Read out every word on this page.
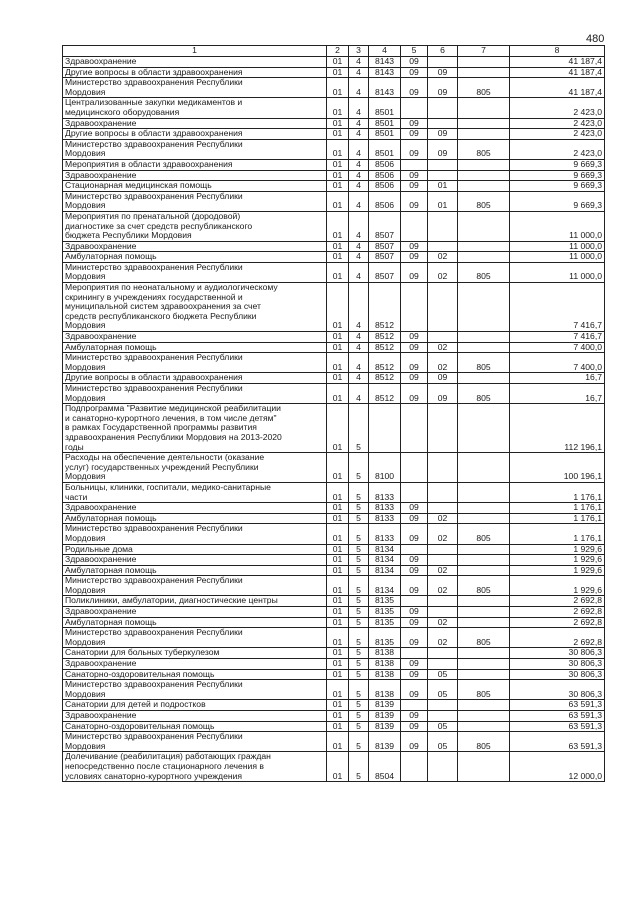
480
1	2	3	4	5	6	7	8
Здравоохранение	01	4	8143	09			41 187,4
Другие вопросы в области здравоохранения	01	4	8143	09	09		41 187,4
Министерство здравоохранения Республики
Мордовия	01	4	8143	09	09	805	41 187,4
Централизованные закупки медикаментов и
медицинского оборудования	01	4	8501				2 423,0
Здравоохранение	01	4	8501	09			2 423,0
Другие вопросы в области здравоохранения	01	4	8501	09	09		2 423,0
Министерство здравоохранения Республики
Мордовия	01	4	8501	09	09	805	2 423,0
Мероприятия в области здравоохранения	01	4	8506				9 669,3
Здравоохранение	01	4	8506	09			9 669,3
Стационарная медицинская помощь	01	4	8506	09	01		9 669,3
Министерство здравоохранения Республики
Мордовия	01	4	8506	09	01	805	9 669,3
Мероприятия по пренатальной (дородовой)
диагностике за счет средств республиканского
бюджета Республики Мордовия	01	4	8507				11 000,0
Здравоохранение	01	4	8507	09			11 000,0
Амбулаторная помощь	01	4	8507	09	02		11 000,0
Министерство здравоохранения Республики
Мордовия	01	4	8507	09	02	805	11 000,0
Мероприятия по неонатальному и аудиологическому
скринингу в учреждениях государственной и
муниципальной систем здравоохранения за счет
средств республиканского бюджета Республики
Мордовия	01	4	8512				7 416,7
Здравоохранение	01	4	8512	09			7 416,7
Амбулаторная помощь	01	4	8512	09	02		7 400,0
Министерство здравоохранения Республики
Мордовия	01	4	8512	09	02	805	7 400,0
Другие вопросы в области здравоохранения	01	4	8512	09	09		16,7
Министерство здравоохранения Республики
Мордовия	01	4	8512	09	09	805	16,7
Подпрограмма "Развитие медицинской реабилитации
и санаторно-курортного лечения, в том числе детям"
в рамках Государственной программы развития
здравоохранения Республики Мордовия на 2013-2020
годы	01	5					112 196,1
Расходы на обеспечение деятельности (оказание
услуг) государственных учреждений Республики
Мордовия	01	5	8100				100 196,1
Больницы, клиники, госпитали, медико-санитарные
части	01	5	8133				1 176,1
Здравоохранение	01	5	8133	09			1 176,1
Амбулаторная помощь	01	5	8133	09	02		1 176,1
Министерство здравоохранения Республики
Мордовия	01	5	8133	09	02	805	1 176,1
Родильные дома	01	5	8134				1 929,6
Здравоохранение	01	5	8134	09			1 929,6
Амбулаторная помощь	01	5	8134	09	02		1 929,6
Министерство здравоохранения Республики
Мордовия	01	5	8134	09	02	805	1 929,6
Поликлиники, амбулатории, диагностические центры	01	5	8135				2 692,8
Здравоохранение	01	5	8135	09			2 692,8
Амбулаторная помощь	01	5	8135	09	02		2 692,8
Министерство здравоохранения Республики
Мордовия	01	5	8135	09	02	805	2 692,8
Санатории для больных туберкулезом	01	5	8138				30 806,3
Здравоохранение	01	5	8138	09			30 806,3
Санаторно-оздоровительная помощь	01	5	8138	09	05		30 806,3
Министерство здравоохранения Республики
Мордовия	01	5	8138	09	05	805	30 806,3
Санатории для детей и подростков	01	5	8139				63 591,3
Здравоохранение	01	5	8139	09			63 591,3
Санаторно-оздоровительная помощь	01	5	8139	09	05		63 591,3
Министерство здравоохранения Республики
Мордовия	01	5	8139	09	05	805	63 591,3
Долечивание (реабилитация) работающих граждан
непосредственно после стационарного лечения в
условиях санаторно-курортного учреждения	01	5	8504				12 000,0
